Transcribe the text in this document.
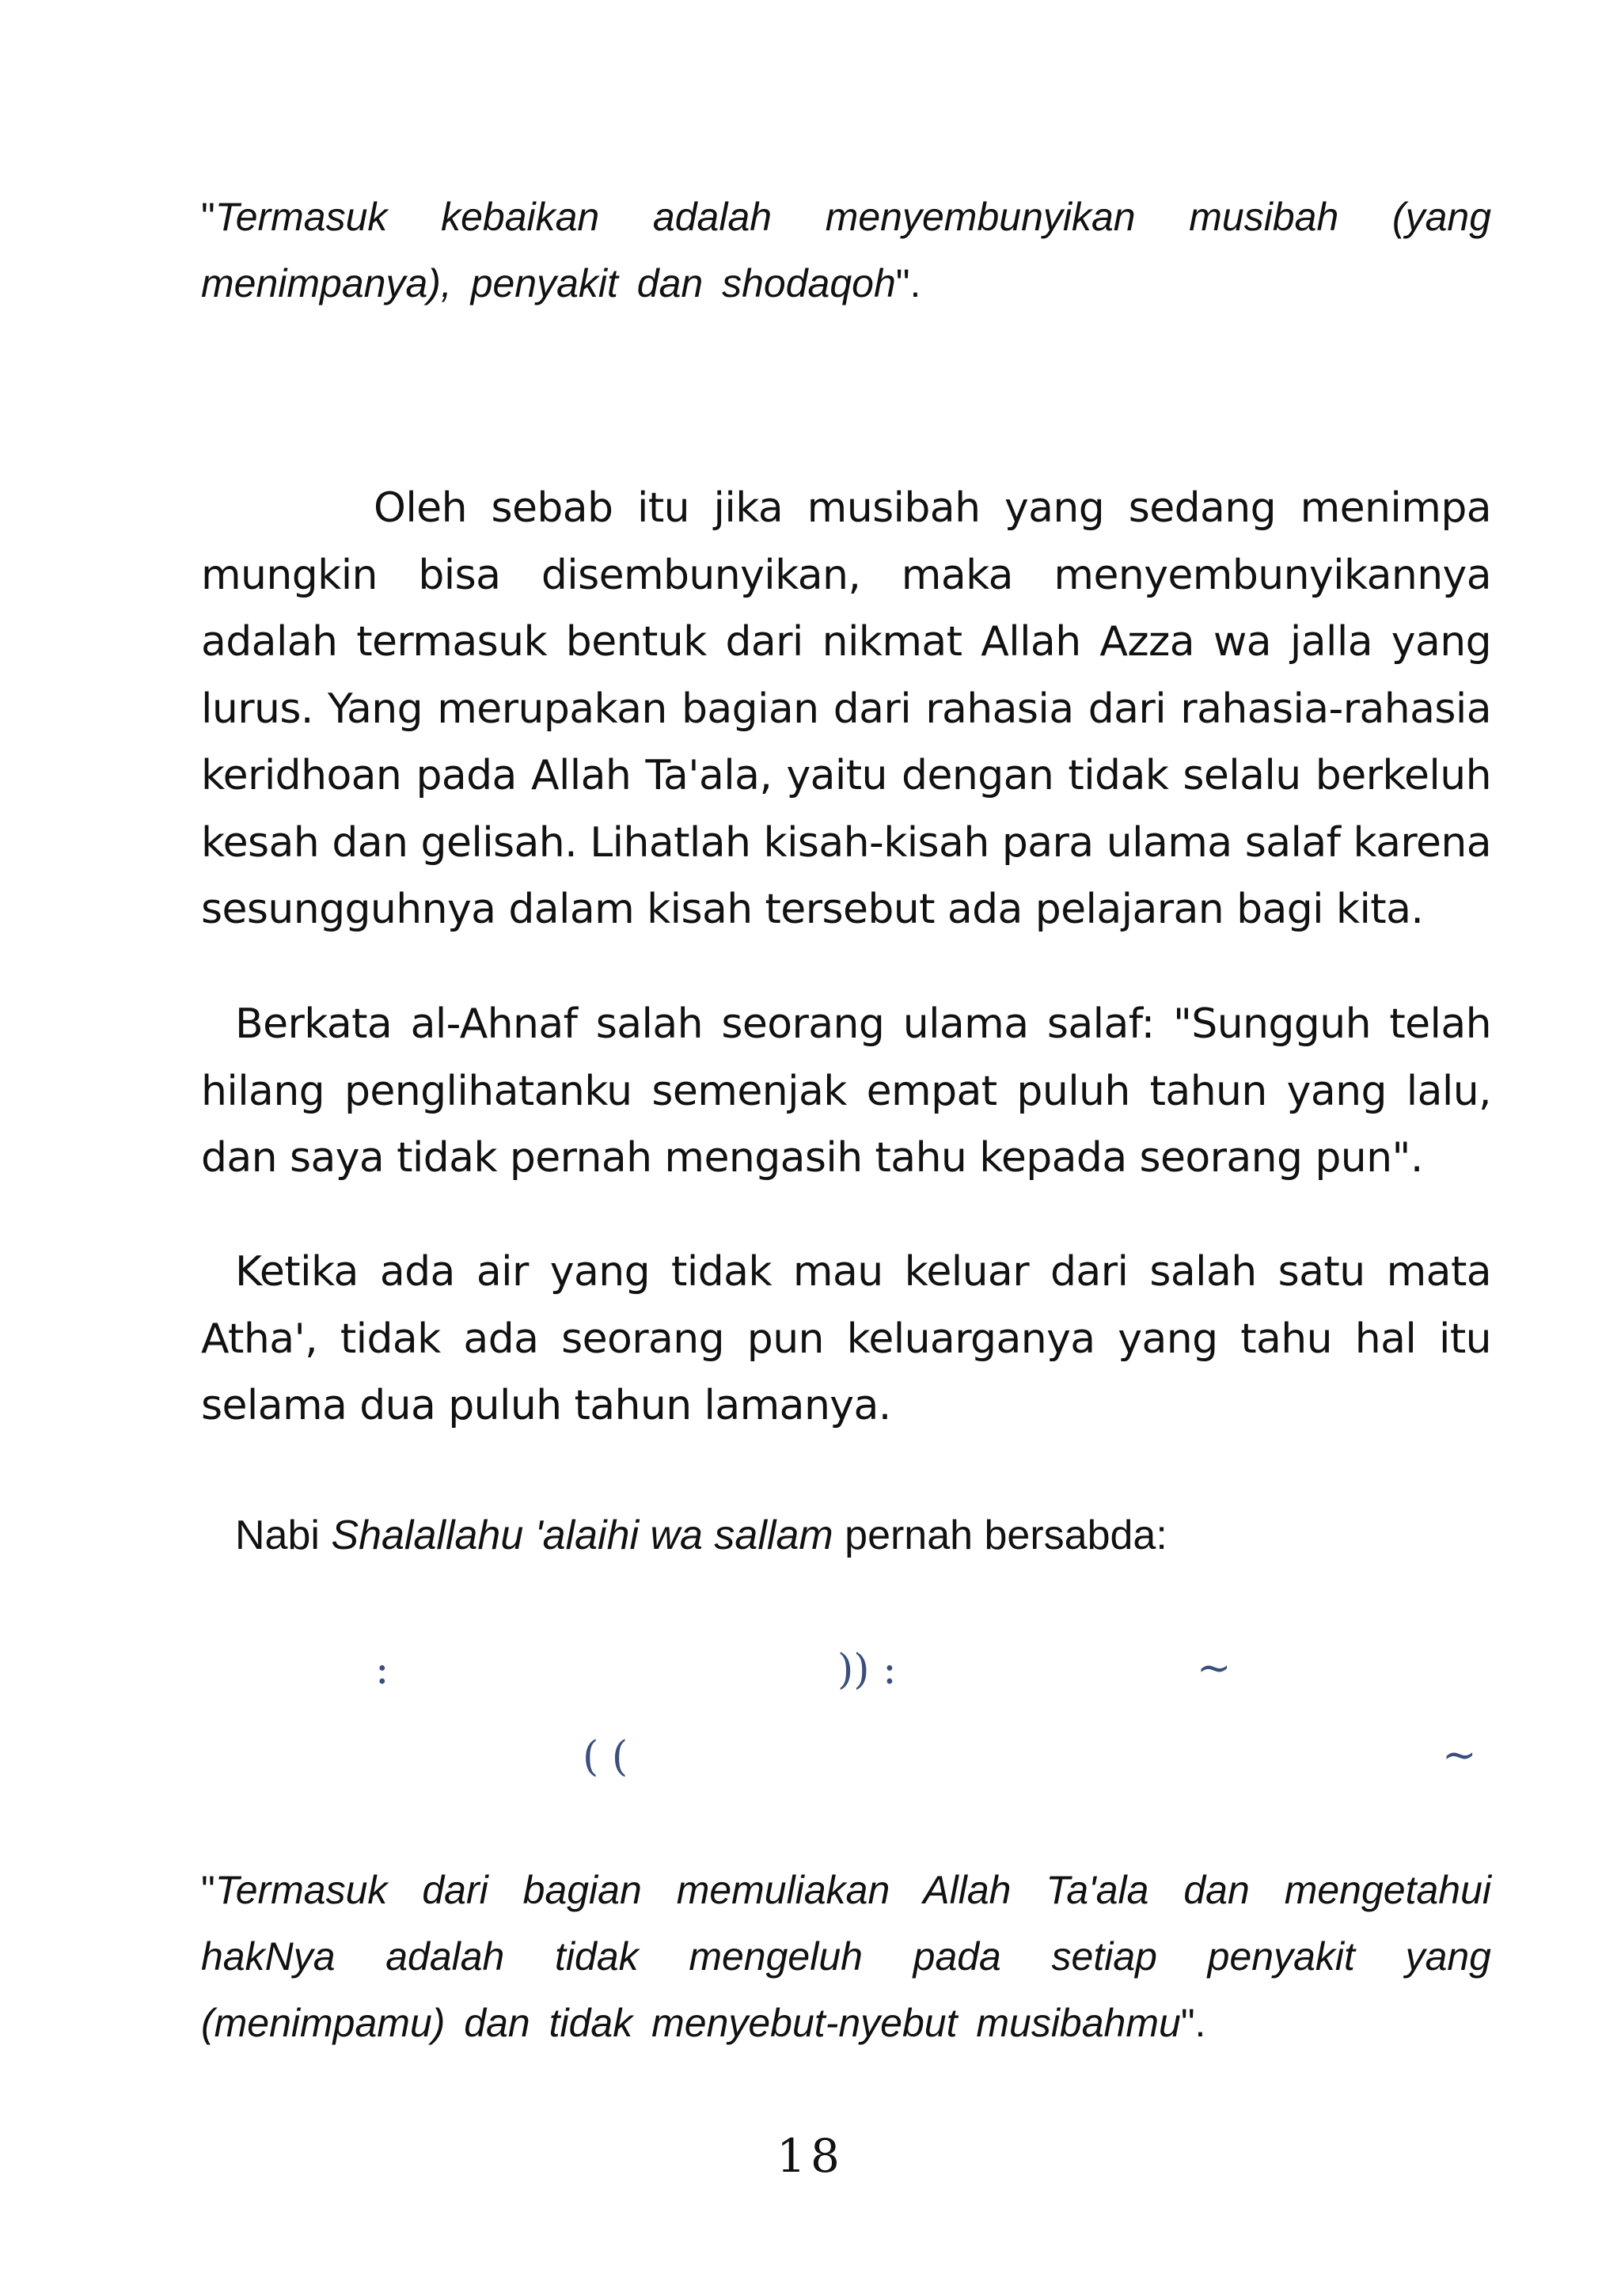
"Termasuk kebaikan adalah menyembunyikan musibah (yang menimpanya), penyakit dan shodaqoh".

Oleh sebab itu jika musibah yang sedang menimpa mungkin bisa disembunyikan, maka menyembunyikannya adalah termasuk bentuk dari nikmat Allah Azza wa jalla yang lurus. Yang merupakan bagian dari rahasia dari rahasia-rahasia keridhoan pada Allah Ta'ala, yaitu dengan tidak selalu berkeluh kesah dan gelisah. Lihatlah kisah-kisah para ulama salaf karena sesungguhnya dalam kisah tersebut ada pelajaran bagi kita.

Berkata al-Ahnaf salah seorang ulama salaf: "Sungguh telah hilang penglihatanku semenjak empat puluh tahun yang lalu, dan saya tidak pernah mengasih tahu kepada seorang pun".

Ketika ada air yang tidak mau keluar dari salah satu mata Atha', tidak ada seorang pun keluarganya yang tahu hal itu selama dua puluh tahun lamanya.

Nabi Shalallahu 'alaihi wa sallam pernah bersabda:

:	)) :	~
( (	~

"Termasuk dari bagian memuliakan Allah Ta'ala dan mengetahui hakNya adalah tidak mengeluh pada setiap penyakit yang (menimpamu) dan tidak menyebut-nyebut musibahmu".

18
